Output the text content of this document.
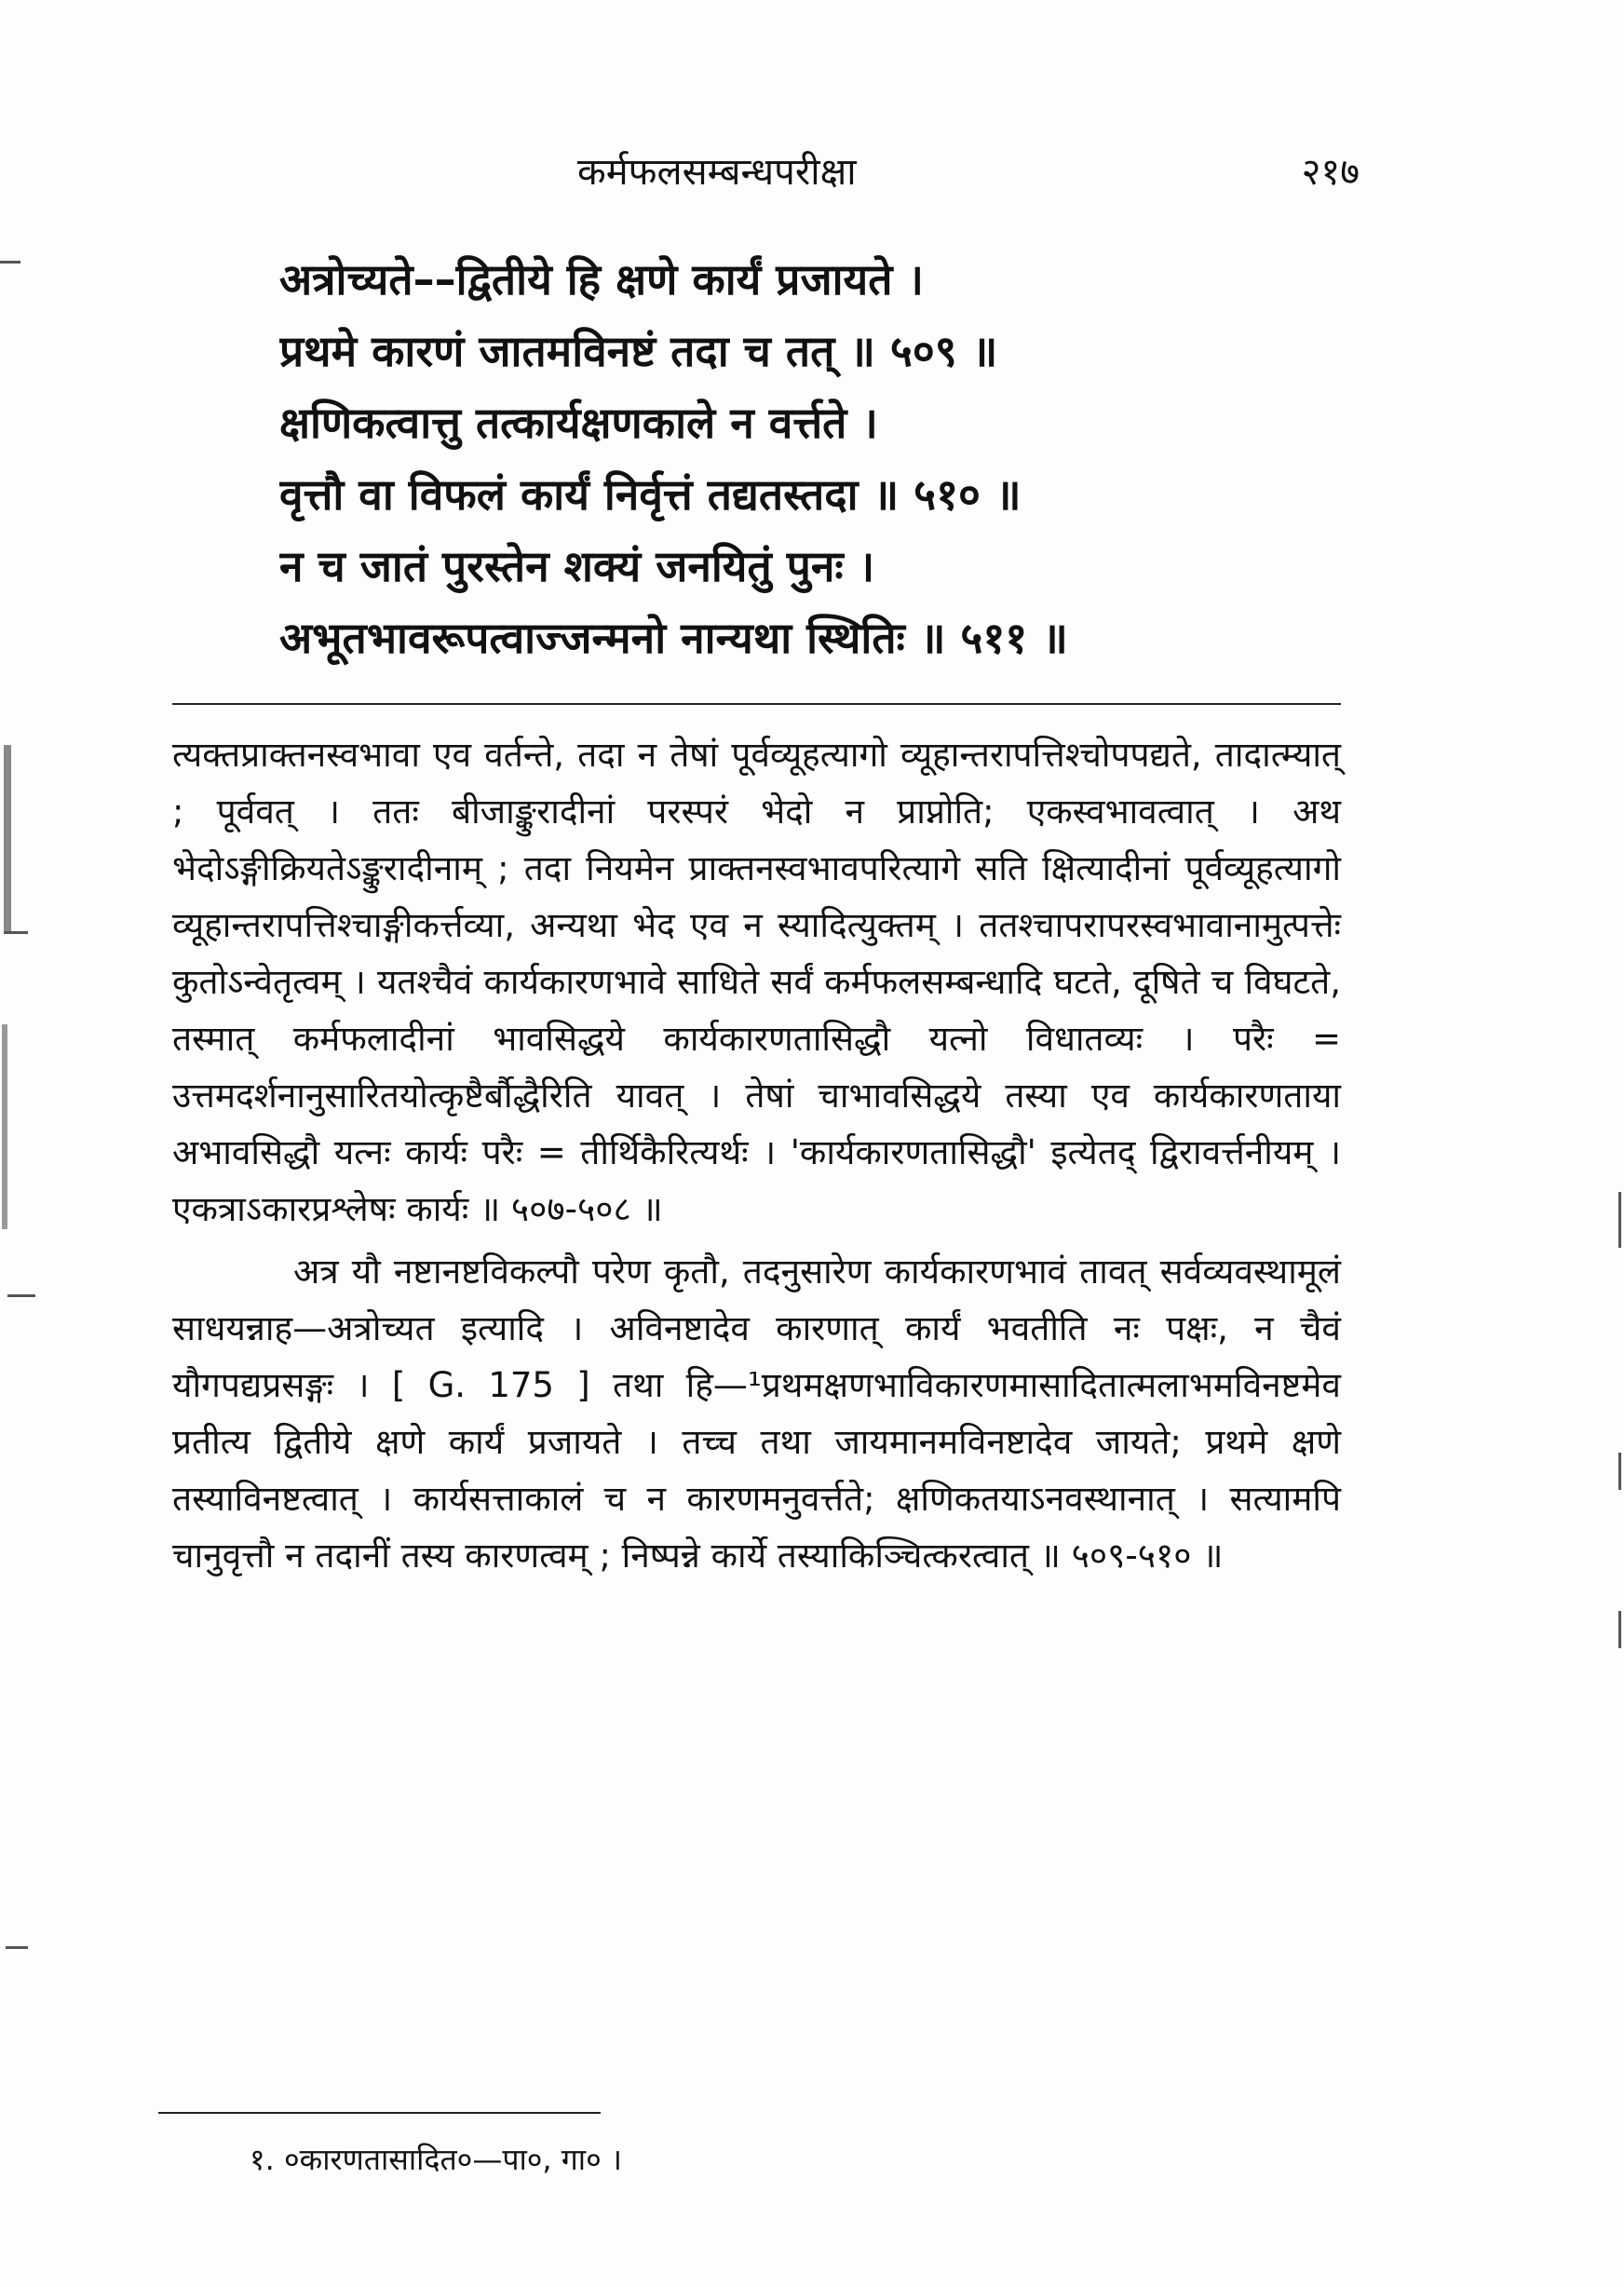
कर्मफलसम्बन्धपरीक्षा	२१७
अत्रोच्यते––द्वितीये हि क्षणे कार्यं प्रजायते ।
प्रथमे कारणं जातमविनष्टं तदा च तत् ॥ ५०९ ॥
क्षणिकत्वात्तु तत्कार्यक्षणकाले न वर्त्तते ।
वृत्तौ वा विफलं कार्यं निर्वृत्तं तद्यतस्तदा ॥ ५१० ॥
न च जातं पुरस्तेन शक्यं जनयितुं पुनः ।
अभूतभावरूपत्वाज्जन्मनो नान्यथा स्थितिः ॥ ५११ ॥

त्यक्तप्राक्तनस्वभावा एव वर्तन्ते, तदा न तेषां पूर्वव्यूहत्यागो व्यूहान्तरापत्तिश्चोपपद्यते, तादात्म्यात् ; पूर्ववत् । ततः बीजाङ्कुरादीनां परस्परं भेदो न प्राप्नोति; एकस्वभावत्वात् । अथ भेदोऽङ्गीक्रियतेऽङ्कुरादीनाम् ; तदा नियमेन प्राक्तनस्वभावपरित्यागे सति क्षित्यादीनां पूर्वव्यूहत्यागो व्यूहान्तरापत्तिश्चाङ्गीकर्त्तव्या, अन्यथा भेद एव न स्यादित्युक्तम् । ततश्चापरापरस्वभावानामुत्पत्तेः कुतोऽन्वेतृत्वम् । यतश्चैवं कार्यकारणभावे साधिते सर्वं कर्मफलसम्बन्धादि घटते, दूषिते च विघटते, तस्मात् कर्मफलादीनां भावसिद्धये कार्यकारणतासिद्धौ यत्नो विधातव्यः । परैः = उत्तमदर्शनानुसारितयोत्कृष्टैर्बौद्धैरिति यावत् । तेषां चाभावसिद्धये तस्या एव कार्यकारणताया अभावसिद्धौ यत्नः कार्यः परैः = तीर्थिकैरित्यर्थः । 'कार्यकारणतासिद्धौ' इत्येतद् द्विरावर्त्तनीयम् । एकत्राऽकारप्रश्लेषः कार्यः ॥ ५०७-५०८ ॥

अत्र यौ नष्टानष्टविकल्पौ परेण कृतौ, तदनुसारेण कार्यकारणभावं तावत् सर्वव्यवस्थामूलं साधयन्नाह—अत्रोच्यत इत्यादि । अविनष्टादेव कारणात् कार्यं भवतीति नः पक्षः, न चैवं यौगपद्यप्रसङ्गः । [ G. 175 ] तथा हि—¹प्रथमक्षणभाविकारणमासादितात्मलाभमविनष्टमेव प्रतीत्य द्वितीये क्षणे कार्यं प्रजायते । तच्च तथा जायमानमविनष्टादेव जायते; प्रथमे क्षणे तस्याविनष्टत्वात् । कार्यसत्ताकालं च न कारणमनुवर्त्तते; क्षणिकतयाऽनवस्थानात् । सत्यामपि चानुवृत्तौ न तदानीं तस्य कारणत्वम् ; निष्पन्ने कार्ये तस्याकिञ्चित्करत्वात् ॥ ५०९-५१० ॥

१. ०कारणतासादित०—पा०, गा० ।
